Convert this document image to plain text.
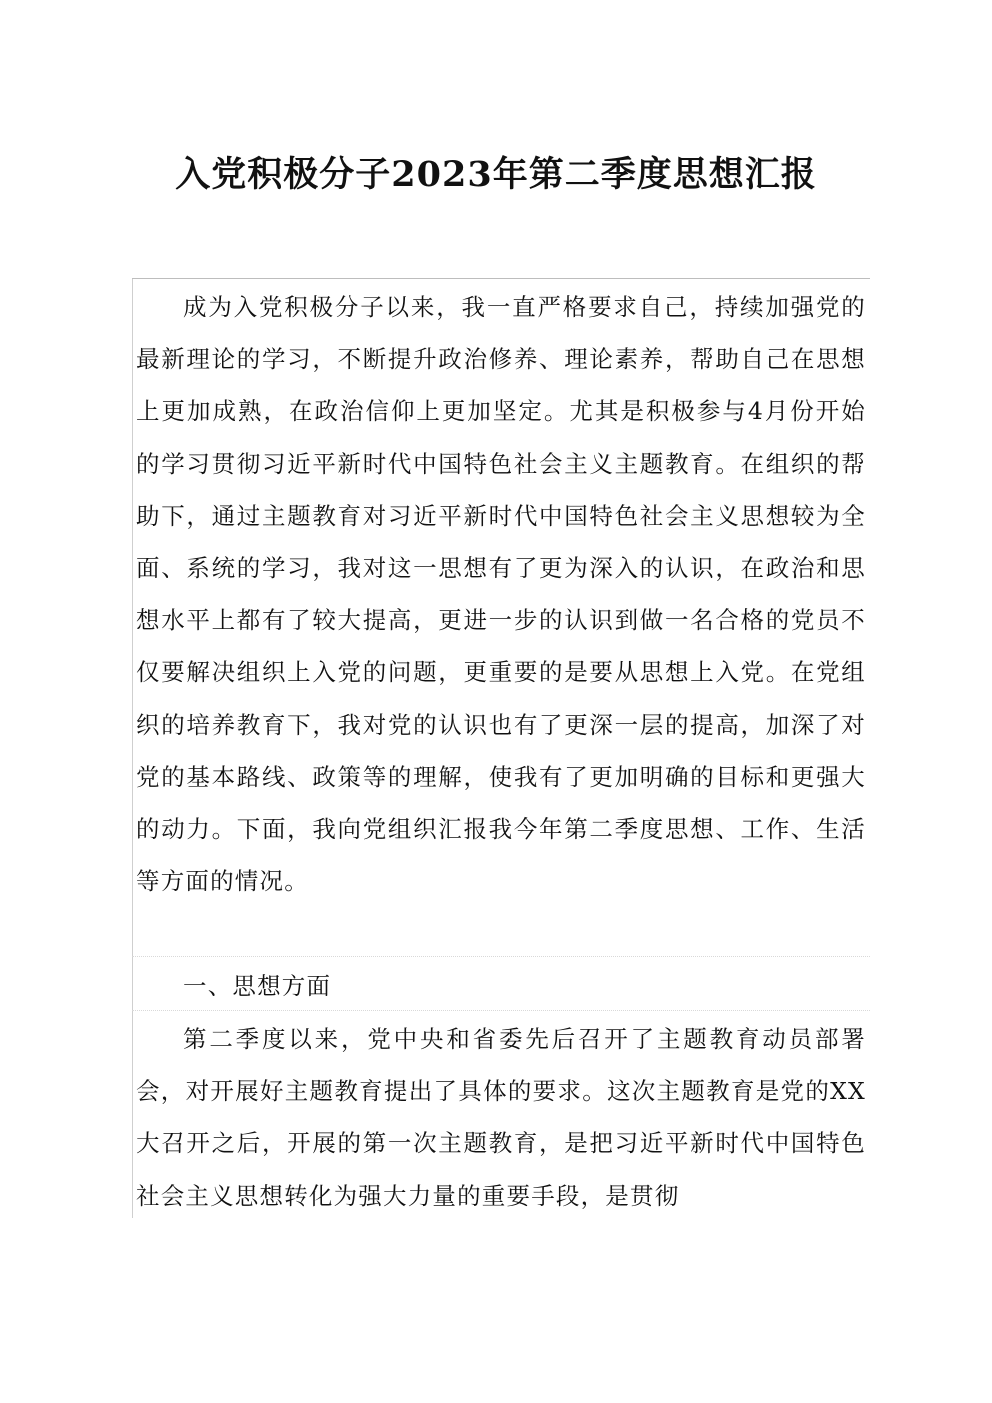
入党积极分子2023年第二季度思想汇报

成为入党积极分子以来，我一直严格要求自己，持续加强党的最新理论的学习，不断提升政治修养、理论素养，帮助自己在思想上更加成熟，在政治信仰上更加坚定。尤其是积极参与4月份开始的学习贯彻习近平新时代中国特色社会主义主题教育。在组织的帮助下，通过主题教育对习近平新时代中国特色社会主义思想较为全面、系统的学习，我对这一思想有了更为深入的认识，在政治和思想水平上都有了较大提高，更进一步的认识到做一名合格的党员不仅要解决组织上入党的问题，更重要的是要从思想上入党。在党组织的培养教育下，我对党的认识也有了更深一层的提高，加深了对党的基本路线、政策等的理解，使我有了更加明确的目标和更强大的动力。下面，我向党组织汇报我今年第二季度思想、工作、生活等方面的情况。

一、思想方面

第二季度以来，党中央和省委先后召开了主题教育动员部署会，对开展好主题教育提出了具体的要求。这次主题教育是党的XX大召开之后，开展的第一次主题教育，是把习近平新时代中国特色社会主义思想转化为强大力量的重要手段，是贯彻
